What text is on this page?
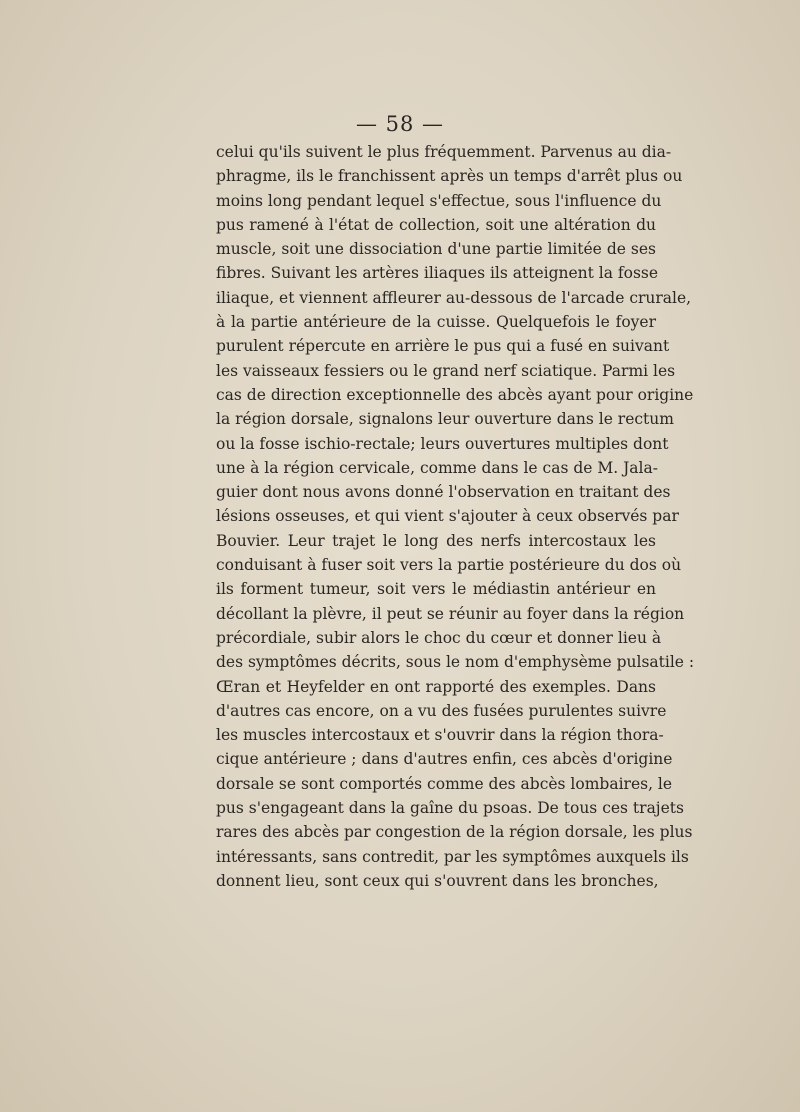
— 58 —
celui qu'ils suivent le plus fréquemment. Parvenus au dia-
phragme, ils le franchissent après un temps d'arrêt plus ou
moins long pendant lequel s'effectue, sous l'influence du
pus ramené à l'état de collection, soit une altération du
muscle, soit une dissociation d'une partie limitée de ses
fibres. Suivant les artères iliaques ils atteignent la fosse
iliaque, et viennent affleurer au-dessous de l'arcade crurale,
à la partie antérieure de la cuisse. Quelquefois le foyer
purulent répercute en arrière le pus qui a fusé en suivant
les vaisseaux fessiers ou le grand nerf sciatique. Parmi les
cas de direction exceptionnelle des abcès ayant pour origine
la région dorsale, signalons leur ouverture dans le rectum
ou la fosse ischio-rectale; leurs ouvertures multiples dont
une à la région cervicale, comme dans le cas de M. Jala-
guier dont nous avons donné l'observation en traitant des
lésions osseuses, et qui vient s'ajouter à ceux observés par
Bouvier. Leur trajet le long des nerfs intercostaux les
conduisant à fuser soit vers la partie postérieure du dos où
ils forment tumeur, soit vers le médiastin antérieur en
décollant la plèvre, il peut se réunir au foyer dans la région
précordiale, subir alors le choc du cœur et donner lieu à
des symptômes décrits, sous le nom d'emphysème pulsatile :
Œran et Heyfelder en ont rapporté des exemples. Dans
d'autres cas encore, on a vu des fusées purulentes suivre
les muscles intercostaux et s'ouvrir dans la région thora-
cique antérieure ; dans d'autres enfin, ces abcès d'origine
dorsale se sont comportés comme des abcès lombaires, le
pus s'engageant dans la gaîne du psoas. De tous ces trajets
rares des abcès par congestion de la région dorsale, les plus
intéressants, sans contredit, par les symptômes auxquels ils
donnent lieu, sont ceux qui s'ouvrent dans les bronches,
